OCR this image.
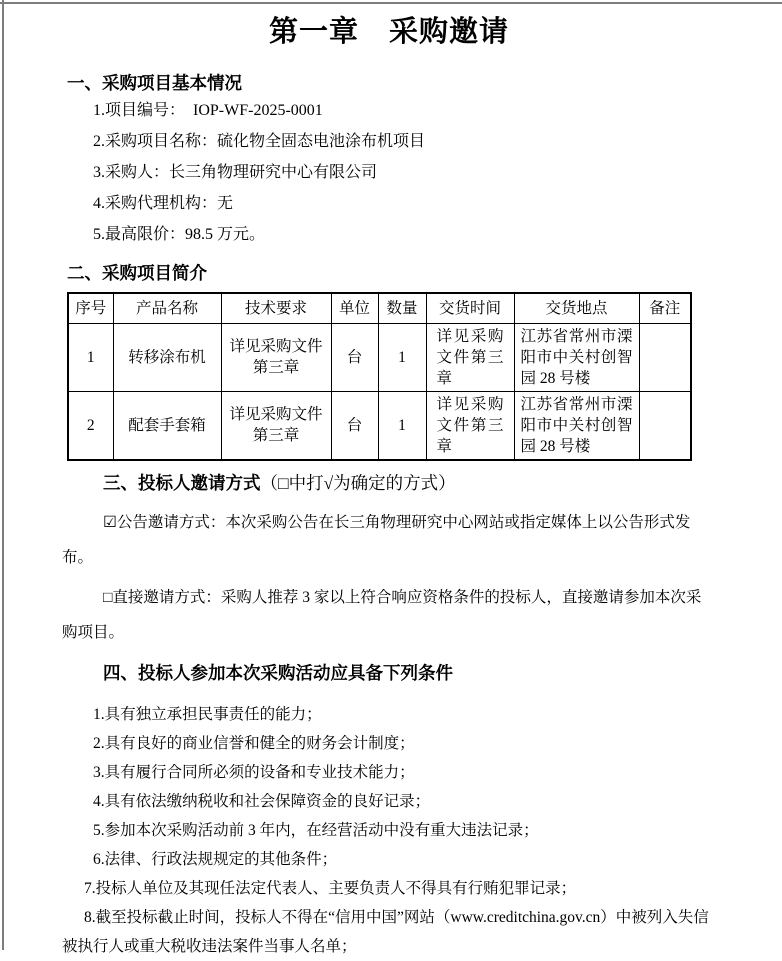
第一章　采购邀请
一、采购项目基本情况
1.项目编号：  IOP-WF-2025-0001
2.采购项目名称：硫化物全固态电池涂布机项目
3.采购人：长三角物理研究中心有限公司
4.采购代理机构：无
5.最高限价：98.5 万元。
二、采购项目简介
序号	产品名称	技术要求	单位	数量	交货时间	交货地点	备注
1	转移涂布机	详见采购文件第三章	台	1	详见采购文件第三章	江苏省常州市溧阳市中关村创智园 28 号楼	
2	配套手套箱	详见采购文件第三章	台	1	详见采购文件第三章	江苏省常州市溧阳市中关村创智园 28 号楼	
三、投标人邀请方式（□中打√为确定的方式）
☑公告邀请方式：本次采购公告在长三角物理研究中心网站或指定媒体上以公告形式发布。
□直接邀请方式：采购人推荐 3 家以上符合响应资格条件的投标人，直接邀请参加本次采购项目。
四、投标人参加本次采购活动应具备下列条件
1.具有独立承担民事责任的能力；
2.具有良好的商业信誉和健全的财务会计制度；
3.具有履行合同所必须的设备和专业技术能力；
4.具有依法缴纳税收和社会保障资金的良好记录；
5.参加本次采购活动前 3 年内，在经营活动中没有重大违法记录；
6.法律、行政法规规定的其他条件；
7.投标人单位及其现任法定代表人、主要负责人不得具有行贿犯罪记录；
8.截至投标截止时间，投标人不得在“信用中国”网站（www.creditchina.gov.cn）中被列入失信被执行人或重大税收违法案件当事人名单；
